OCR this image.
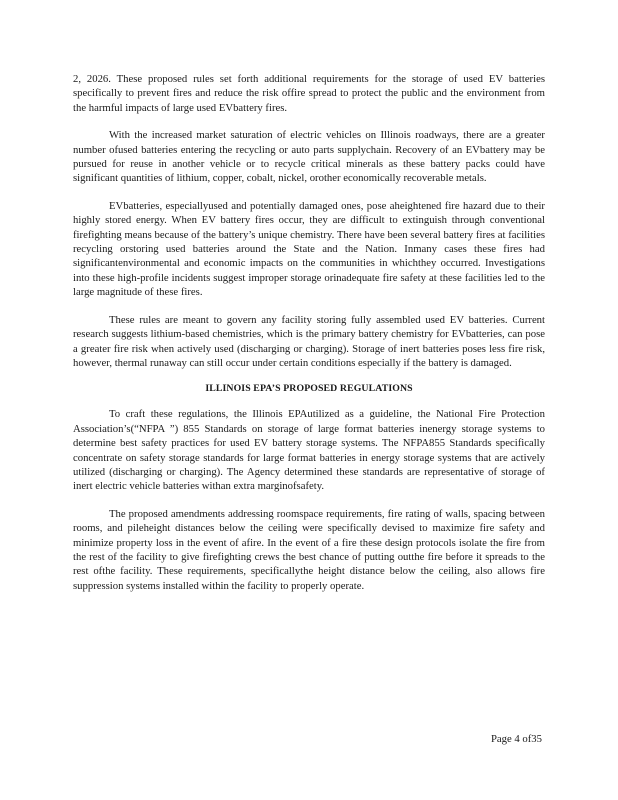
2, 2026. These proposed rules set forth additional requirements for the storage of used EV batteries specifically to prevent fires and reduce the risk offire spread to protect the public and the environment from the harmful impacts of large used EVbattery fires.

With the increased market saturation of electric vehicles on Illinois roadways, there are a greater number ofused batteries entering the recycling or auto parts supplychain. Recovery of an EVbattery may be pursued for reuse in another vehicle or to recycle critical minerals as these battery packs could have significant quantities of lithium, copper, cobalt, nickel, orother economically recoverable metals.

EVbatteries, especiallyused and potentially damaged ones, pose aheightened fire hazard due to their highly stored energy. When EV battery fires occur, they are difficult to extinguish through conventional firefighting means because of the battery’s unique chemistry. There have been several battery fires at facilities recycling orstoring used batteries around the State and the Nation. Inmany cases these fires had significantenvironmental and economic impacts on the communities in whichthey occurred. Investigations into these high-profile incidents suggest improper storage orinadequate fire safety at these facilities led to the large magnitude of these fires.

These rules are meant to govern any facility storing fully assembled used EV batteries. Current research suggests lithium-based chemistries, which is the primary battery chemistry for EVbatteries, can pose a greater fire risk when actively used (discharging or charging). Storage of inert batteries poses less fire risk, however, thermal runaway can still occur under certain conditions especially if the battery is damaged.

ILLINOIS EPA’S PROPOSED REGULATIONS

To craft these regulations, the Illinois EPAutilized as a guideline, the National Fire Protection Association’s(“NFPA ”) 855 Standards on storage of large format batteries inenergy storage systems to determine best safety practices for used EV battery storage systems. The NFPA855 Standards specifically concentrate on safety storage standards for large format batteries in energy storage systems that are actively utilized (discharging or charging). The Agency determined these standards are representative of storage of inert electric vehicle batteries withan extra marginofsafety.

The proposed amendments addressing roomspace requirements, fire rating of walls, spacing between rooms, and pileheight distances below the ceiling were specifically devised to maximize fire safety and minimize property loss in the event of afire. In the event of a fire these design protocols isolate the fire from the rest of the facility to give firefighting crews the best chance of putting outthe fire before it spreads to the rest ofthe facility. These requirements, specificallythe height distance below the ceiling, also allows fire suppression systems installed within the facility to properly operate.

Page 4 of35
